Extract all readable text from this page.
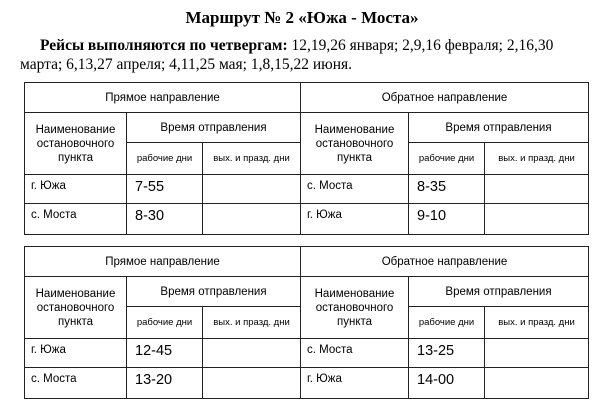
Маршрут № 2 «Южа - Моста»
Рейсы выполняются по четвергам: 12,19,26 января; 2,9,16 февраля; 2,16,30 марта; 6,13,27 апреля; 4,11,25 мая; 1,8,15,22 июня.
Прямое направление			Обратное направление		
Наименование остановочного пункта	Время отправления		Наименование остановочного пункта	Время отправления	
	рабочие дни	вых. и празд. дни		рабочие дни	вых. и празд. дни
г. Южа	7-55		с. Моста	8-35	
с. Моста	8-30		г. Южа	9-10	
Прямое направление			Обратное направление		
Наименование остановочного пункта	Время отправления		Наименование остановочного пункта	Время отправления	
	рабочие дни	вых. и празд. дни		рабочие дни	вых. и празд. дни
г. Южа	12-45		с. Моста	13-25	
с. Моста	13-20		г. Южа	14-00	
